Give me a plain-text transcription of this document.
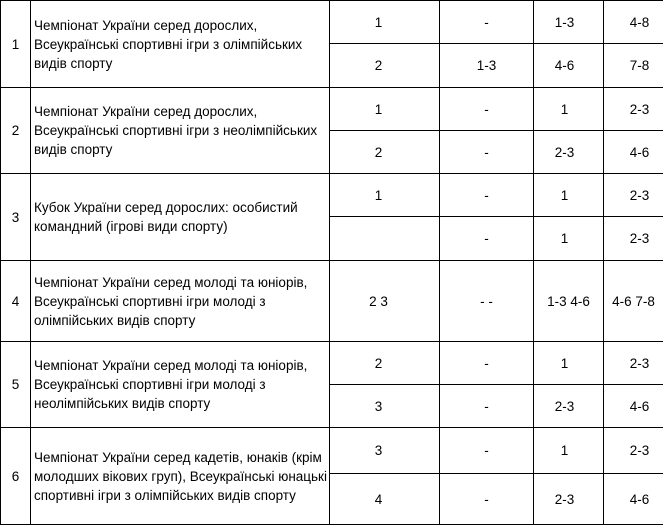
1	Чемпіонат України серед дорослих, Всеукраїнські спортивні ігри з олімпійських видів спорту	1	-	1-3	4-8
		2	1-3	4-6	7-8
2	Чемпіонат України серед дорослих, Всеукраїнські спортивні ігри з неолімпійських видів спорту	1	-	1	2-3
		2	-	2-3	4-6
3	Кубок України серед дорослих: особистий командний (ігрові види спорту)	1	-	1	2-3
			-	1	2-3
4	Чемпіонат України серед молоді та юніорів, Всеукраїнські спортивні ігри молоді з олімпійських видів спорту	2 3	- -	1-3 4-6	4-6 7-8
5	Чемпіонат України серед молоді та юніорів, Всеукраїнські спортивні ігри молоді з неолімпійських видів спорту	2	-	1	2-3
		3	-	2-3	4-6
6	Чемпіонат України серед кадетів, юнаків (крім молодших вікових груп), Всеукраїнські юнацькі спортивні ігри з олімпійських видів спорту	3	-	1	2-3
		4	-	2-3	4-6
